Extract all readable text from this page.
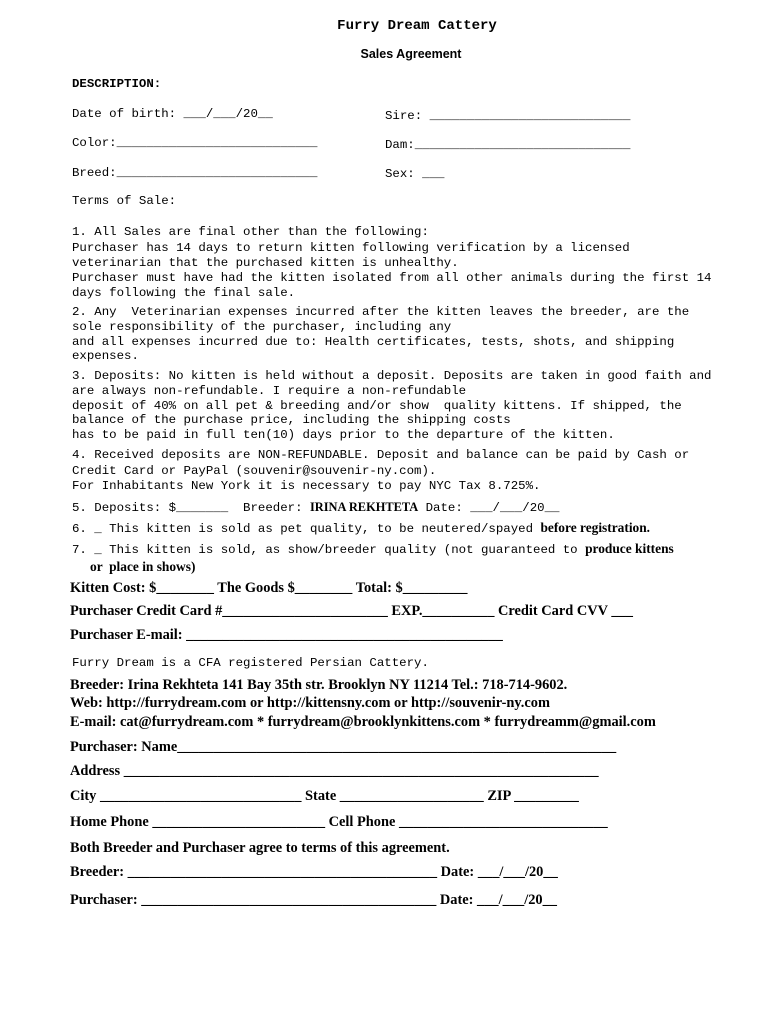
Furry Dream Cattery
Sales Agreement
DESCRIPTION:
Date of birth: ___/___/20__	Sire: ___________________________
Color:___________________________	Dam:_____________________________
Breed:___________________________	Sex: ___
Terms of Sale:
1. All Sales are final other than the following:
Purchaser has 14 days to return kitten following verification by a licensed
veterinarian that the purchased kitten is unhealthy.
Purchaser must have had the kitten isolated from all other animals during the first 14
days following the final sale.
2. Any  Veterinarian expenses incurred after the kitten leaves the breeder, are the
sole responsibility of the purchaser, including any
and all expenses incurred due to: Health certificates, tests, shots, and shipping
expenses.
3. Deposits: No kitten is held without a deposit. Deposits are taken in good faith and
are always non-refundable. I require a non-refundable
deposit of 40% on all pet & breeding and/or show  quality kittens. If shipped, the
balance of the purchase price, including the shipping costs
has to be paid in full ten(10) days prior to the departure of the kitten.
4. Received deposits are NON-REFUNDABLE. Deposit and balance can be paid by Cash or
Credit Card or PayPal (souvenir@souvenir-ny.com).
For Inhabitants New York it is necessary to pay NYC Tax 8.725%.
5. Deposits: $_______  Breeder: IRINA REKHTETA Date: ___/___/20__
6. _ This kitten is sold as pet quality, to be neutered/spayed before registration.
7. _ This kitten is sold, as show/breeder quality (not guaranteed to produce kittens
or  place in shows)
Kitten Cost: $________ The Goods $________ Total: $_________
Purchaser Credit Card #_______________________ EXP.__________ Credit Card CVV ___
Purchaser E-mail: ____________________________________________
Furry Dream is a CFA registered Persian Cattery.
Breeder: Irina Rekhteta 141 Bay 35th str. Brooklyn NY 11214 Tel.: 718-714-9602.
Web: http://furrydream.com or http://kittensny.com or http://souvenir-ny.com
E-mail: cat@furrydream.com * furrydream@brooklynkittens.com * furrydreamm@gmail.com
Purchaser: Name_____________________________________________________________
Address __________________________________________________________________
City ____________________________ State ____________________ ZIP _________
Home Phone ________________________ Cell Phone _____________________________
Both Breeder and Purchaser agree to terms of this agreement.
Breeder: ___________________________________________ Date: ___/___/20__
Purchaser: _________________________________________ Date: ___/___/20__
